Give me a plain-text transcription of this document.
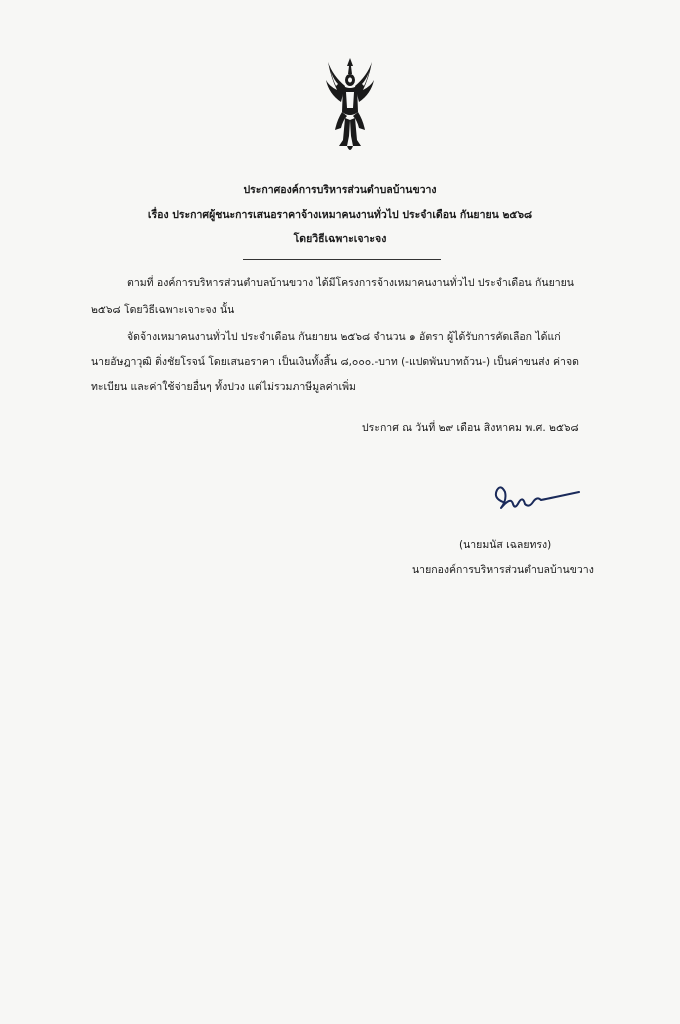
ประกาศองค์การบริหารส่วนตำบลบ้านขวาง
เรื่อง ประกาศผู้ชนะการเสนอราคาจ้างเหมาคนงานทั่วไป ประจำเดือน กันยายน ๒๕๖๘
โดยวิธีเฉพาะเจาะจง
ตามที่ องค์การบริหารส่วนตำบลบ้านขวาง ได้มีโครงการจ้างเหมาคนงานทั่วไป ประจำเดือน กันยายน
๒๕๖๘ โดยวิธีเฉพาะเจาะจง นั้น
จัดจ้างเหมาคนงานทั่วไป ประจำเดือน กันยายน ๒๕๖๘ จำนวน ๑ อัตรา ผู้ได้รับการคัดเลือก ได้แก่
นายอัษฎาวุฒิ ติ่งชัยโรจน์ โดยเสนอราคา เป็นเงินทั้งสิ้น ๘,๐๐๐.-บาท (-แปดพันบาทถ้วน-) เป็นค่าขนส่ง ค่าจด
ทะเบียน และค่าใช้จ่ายอื่นๆ ทั้งปวง แต่ไม่รวมภาษีมูลค่าเพิ่ม
ประกาศ ณ วันที่ ๒๙ เดือน สิงหาคม พ.ศ. ๒๕๖๘
(นายมนัส เฉลยทรง)
นายกองค์การบริหารส่วนตำบลบ้านขวาง
